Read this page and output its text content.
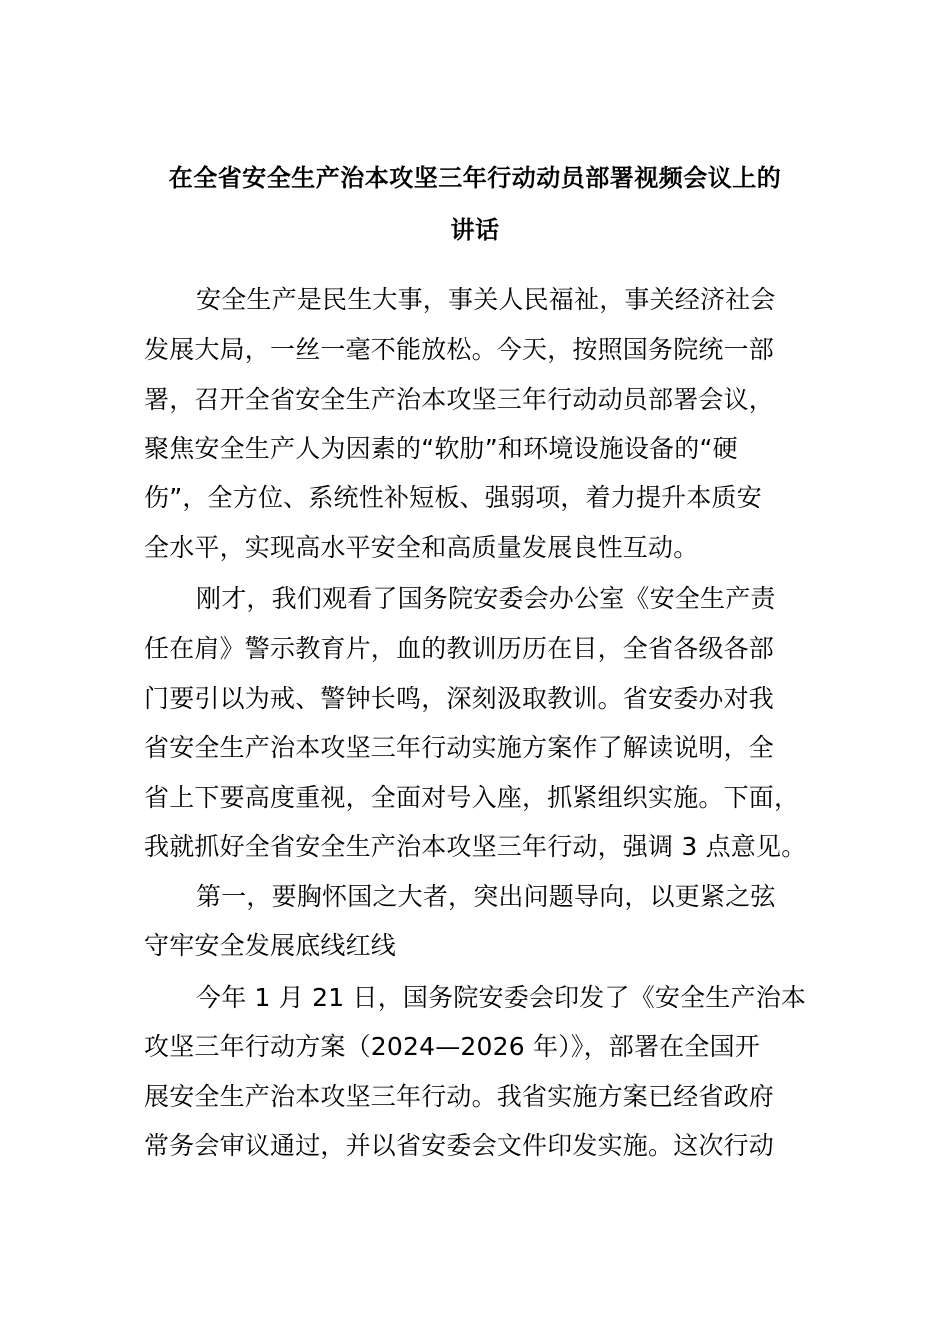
在全省安全生产治本攻坚三年行动动员部署视频会议上的
讲话
安全生产是民生大事，事关人民福祉，事关经济社会
发展大局，一丝一毫不能放松。今天，按照国务院统一部
署，召开全省安全生产治本攻坚三年行动动员部署会议，
聚焦安全生产人为因素的“软肋”和环境设施设备的“硬
伤”，全方位、系统性补短板、强弱项，着力提升本质安
全水平，实现高水平安全和高质量发展良性互动。
刚才，我们观看了国务院安委会办公室《安全生产责
任在肩》警示教育片，血的教训历历在目，全省各级各部
门要引以为戒、警钟长鸣，深刻汲取教训。省安委办对我
省安全生产治本攻坚三年行动实施方案作了解读说明，全
省上下要高度重视，全面对号入座，抓紧组织实施。下面，
我就抓好全省安全生产治本攻坚三年行动，强调 3 点意见。
第一，要胸怀国之大者，突出问题导向，以更紧之弦
守牢安全发展底线红线
今年 1 月 21 日，国务院安委会印发了《安全生产治本
攻坚三年行动方案（2024—2026 年）》，部署在全国开
展安全生产治本攻坚三年行动。我省实施方案已经省政府
常务会审议通过，并以省安委会文件印发实施。这次行动
